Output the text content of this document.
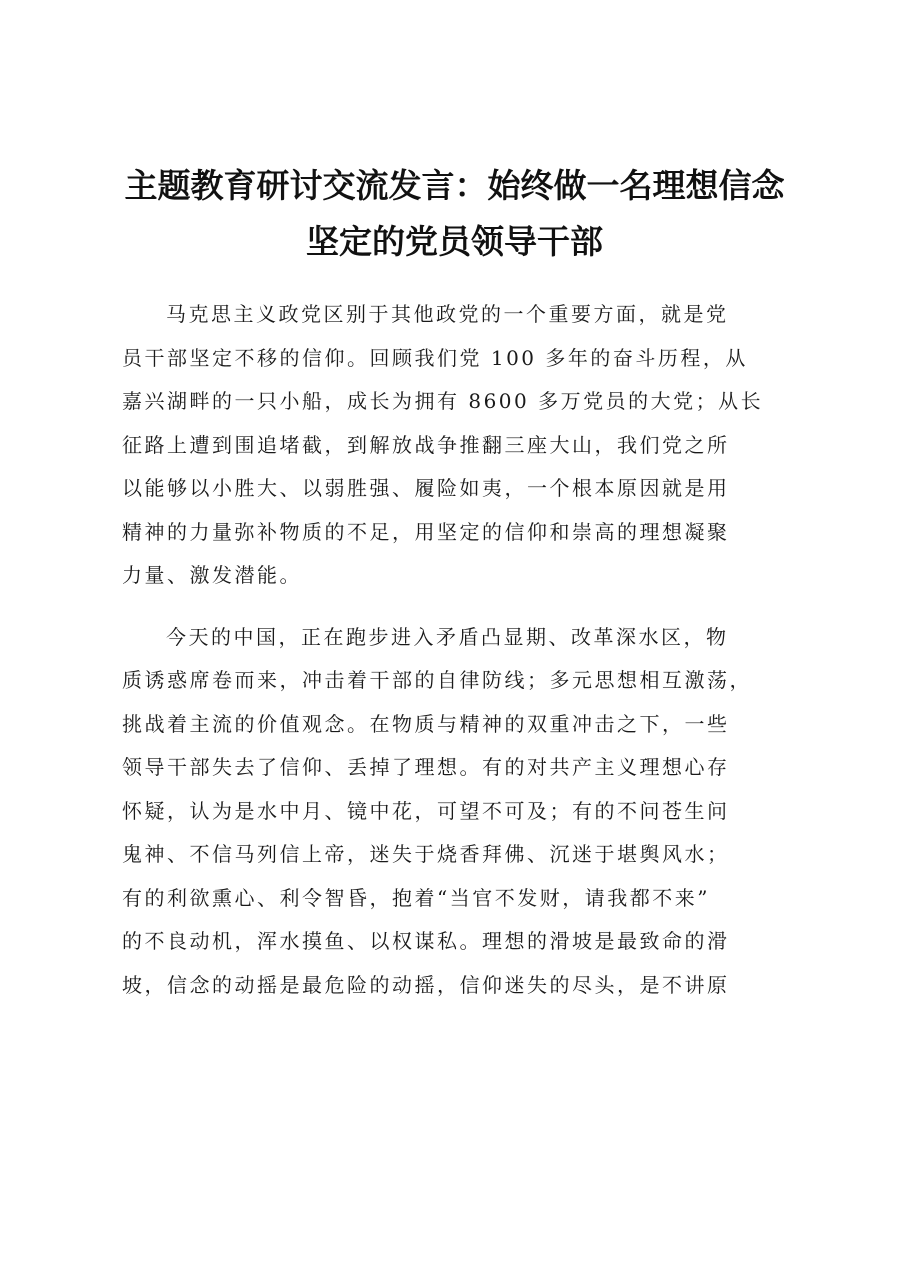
主题教育研讨交流发言：始终做一名理想信念
坚定的党员领导干部
马克思主义政党区别于其他政党的一个重要方面，就是党
员干部坚定不移的信仰。回顾我们党 100 多年的奋斗历程，从
嘉兴湖畔的一只小船，成长为拥有 8600 多万党员的大党；从长
征路上遭到围追堵截，到解放战争推翻三座大山，我们党之所
以能够以小胜大、以弱胜强、履险如夷，一个根本原因就是用
精神的力量弥补物质的不足，用坚定的信仰和崇高的理想凝聚
力量、激发潜能。
今天的中国，正在跑步进入矛盾凸显期、改革深水区，物
质诱惑席卷而来，冲击着干部的自律防线；多元思想相互激荡，
挑战着主流的价值观念。在物质与精神的双重冲击之下，一些
领导干部失去了信仰、丢掉了理想。有的对共产主义理想心存
怀疑，认为是水中月、镜中花，可望不可及；有的不问苍生问
鬼神、不信马列信上帝，迷失于烧香拜佛、沉迷于堪舆风水；
有的利欲熏心、利令智昏，抱着“当官不发财，请我都不来”
的不良动机，浑水摸鱼、以权谋私。理想的滑坡是最致命的滑
坡，信念的动摇是最危险的动摇，信仰迷失的尽头，是不讲原
